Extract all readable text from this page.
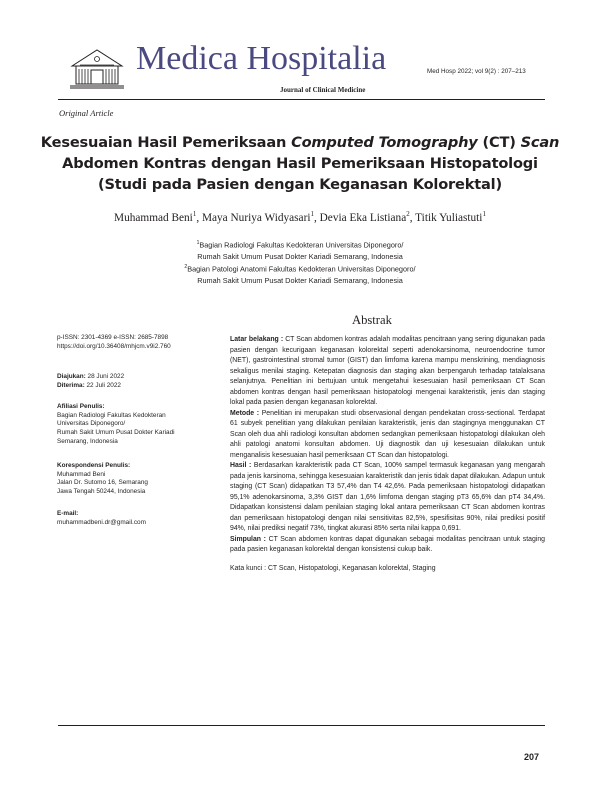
Medica Hospitalia
Journal of Clinical Medicine
Med Hosp 2022; vol 9(2) : 207–213
Original Article
Kesesuaian Hasil Pemeriksaan Computed Tomography (CT) Scan
Abdomen Kontras dengan Hasil Pemeriksaan Histopatologi
(Studi pada Pasien dengan Keganasan Kolorektal)
Muhammad Beni$^1$, Maya Nuriya Widyasari$^1$, Devia Eka Listiana$^2$, Titik Yuliastuti$^1$
$^1$Bagian Radiologi Fakultas Kedokteran Universitas Diponegoro/
Rumah Sakit Umum Pusat Dokter Kariadi Semarang, Indonesia
$^2$Bagian Patologi Anatomi Fakultas Kedokteran Universitas Diponegoro/
Rumah Sakit Umum Pusat Dokter Kariadi Semarang, Indonesia
p-ISSN: 2301-4369 e-ISSN: 2685-7898
https://doi.org/10.36408/mhjcm.v9i2.760
Diajukan: 28 Juni 2022
Diterima: 22 Juli 2022
Afiliasi Penulis:
Bagian Radiologi Fakultas Kedokteran
Universitas Diponegoro/
Rumah Sakit Umum Pusat Dokter Kariadi
Semarang, Indonesia
Korespondensi Penulis:
Muhammad Beni
Jalan Dr. Sutomo 16, Semarang
Jawa Tengah 50244, Indonesia
E-mail:
muhammadbeni.dr@gmail.com
Abstrak

Latar belakang : CT Scan abdomen kontras adalah modalitas pencitraan yang sering digunakan pada pasien dengan kecurigaan keganasan kolorektal seperti adenokarsinoma, neuroendocrine tumor (NET), gastrointestinal stromal tumor (GIST) dan limfoma karena mampu menskrining, mendiagnosis sekaligus menilai staging. Ketepatan diagnosis dan staging akan berpengaruh terhadap tatalaksana selanjutnya. Penelitian ini bertujuan untuk mengetahui kesesuaian hasil pemeriksaan CT Scan abdomen kontras dengan hasil pemeriksaan histopatologi mengenai karakteristik, jenis dan staging lokal pada pasien dengan keganasan kolorektal.

Metode : Penelitian ini merupakan studi observasional dengan pendekatan cross-sectional. Terdapat 61 subyek penelitian yang dilakukan penilaian karakteristik, jenis dan stagingnya menggunakan CT Scan oleh dua ahli radiologi konsultan abdomen sedangkan pemeriksaan histopatologi dilakukan oleh ahli patologi anatomi konsultan abdomen. Uji diagnostik dan uji kesesuaian dilakukan untuk menganalisis kesesuaian hasil pemeriksaan CT Scan dan histopatologi.

Hasil : Berdasarkan karakteristik pada CT Scan, 100% sampel termasuk keganasan yang mengarah pada jenis karsinoma, sehingga kesesuaian karakteristik dan jenis tidak dapat dilakukan. Adapun untuk staging (CT Scan) didapatkan T3 57,4% dan T4 42,6%. Pada pemeriksaan histopatologi didapatkan 95,1% adenokarsinoma, 3,3% GIST dan 1,6% limfoma dengan staging pT3 65,6% dan pT4 34,4%. Didapatkan konsistensi dalam penilaian staging lokal antara pemeriksaan CT Scan abdomen kontras dan pemeriksaan histopatologi dengan nilai sensitivitas 82,5%, spesifisitas 90%, nilai prediksi positif 94%, nilai prediksi negatif 73%, tingkat akurasi 85% serta nilai kappa 0,691.

Simpulan : CT Scan abdomen kontras dapat digunakan sebagai modalitas pencitraan untuk staging pada pasien keganasan kolorektal dengan konsistensi cukup baik.

Kata kunci : CT Scan, Histopatologi, Keganasan kolorektal, Staging

207
